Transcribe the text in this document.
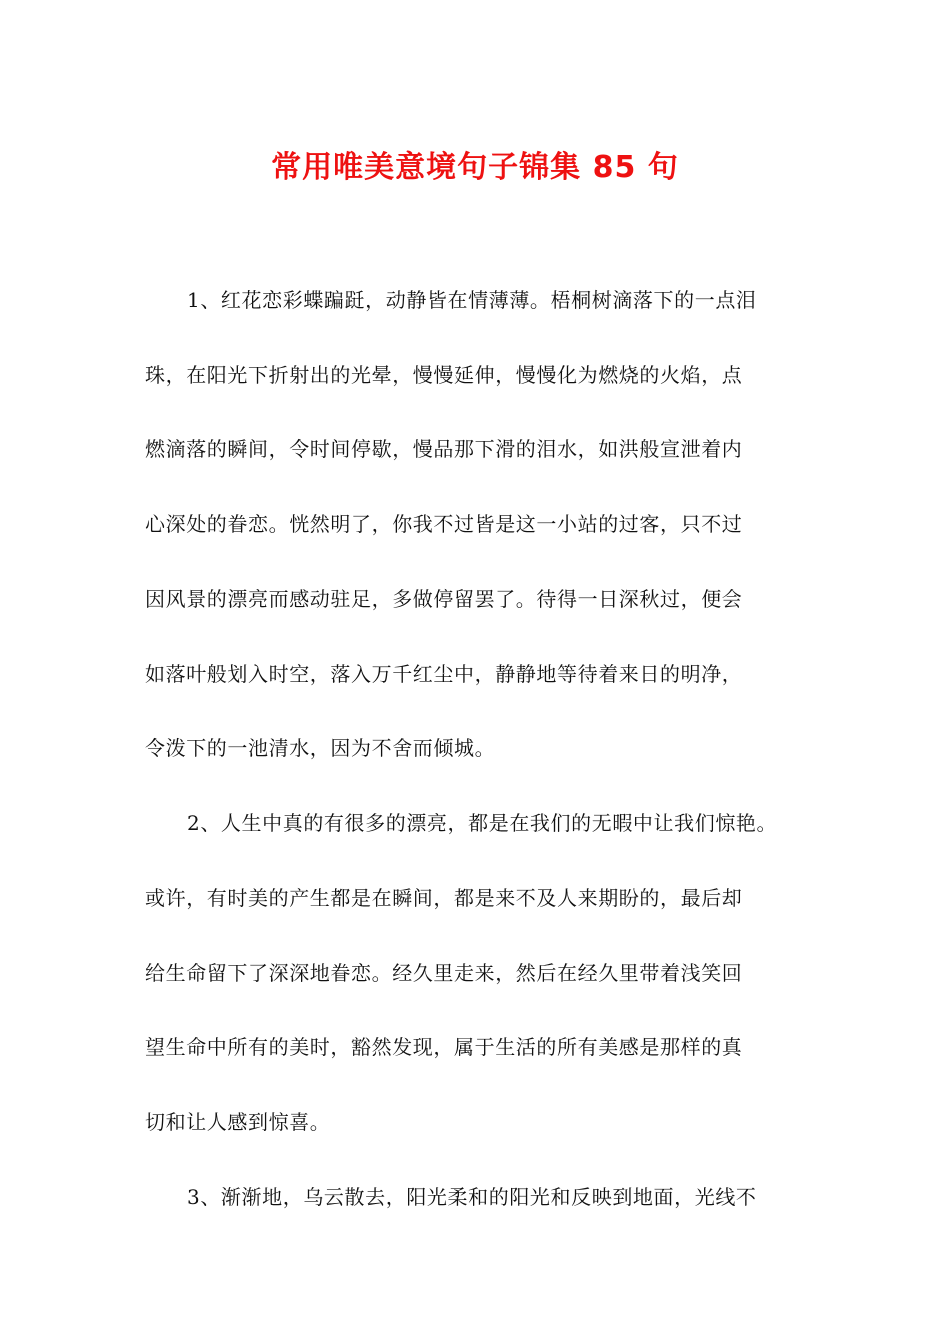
常用唯美意境句子锦集 85 句
1、红花恋彩蝶蹁跹，动静皆在情薄薄。梧桐树滴落下的一点泪
珠，在阳光下折射出的光晕，慢慢延伸，慢慢化为燃烧的火焰，点
燃滴落的瞬间，令时间停歇，慢品那下滑的泪水，如洪般宣泄着内
心深处的眷恋。恍然明了，你我不过皆是这一小站的过客，只不过
因风景的漂亮而感动驻足，多做停留罢了。待得一日深秋过，便会
如落叶般划入时空，落入万千红尘中，静静地等待着来日的明净，
令泼下的一池清水，因为不舍而倾城。
2、人生中真的有很多的漂亮，都是在我们的无暇中让我们惊艳。
或许，有时美的产生都是在瞬间，都是来不及人来期盼的，最后却
给生命留下了深深地眷恋。经久里走来，然后在经久里带着浅笑回
望生命中所有的美时，豁然发现，属于生活的所有美感是那样的真
切和让人感到惊喜。
3、渐渐地，乌云散去，阳光柔和的阳光和反映到地面，光线不
